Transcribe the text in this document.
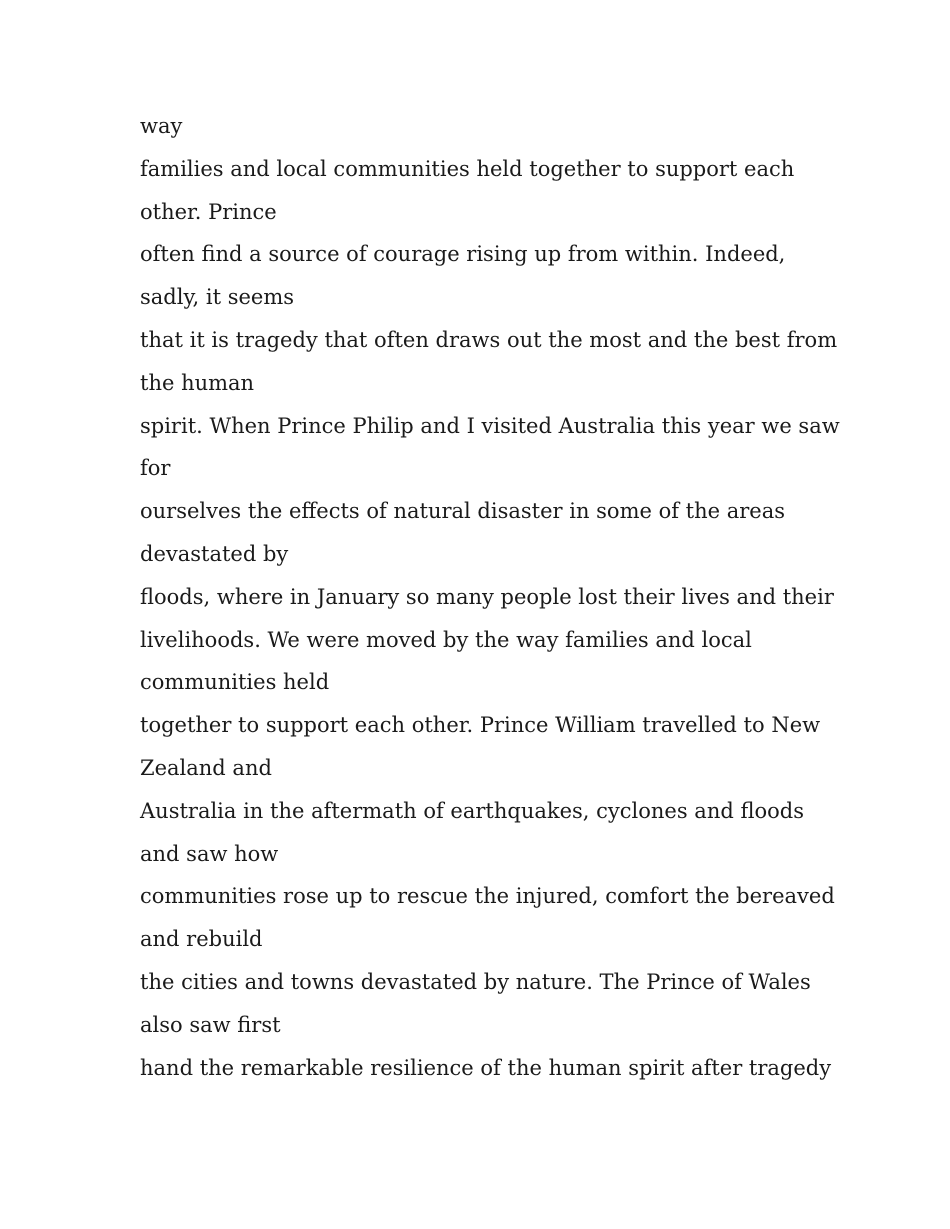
way
families and local communities held together to support each
other. Prince
often find a source of courage rising up from within. Indeed,
sadly, it seems
that it is tragedy that often draws out the most and the best from
the human
spirit. When Prince Philip and I visited Australia this year we saw
for
ourselves the effects of natural disaster in some of the areas
devastated by
floods, where in January so many people lost their lives and their
livelihoods. We were moved by the way families and local
communities held
together to support each other. Prince William travelled to New
Zealand and
Australia in the aftermath of earthquakes, cyclones and floods
and saw how
communities rose up to rescue the injured, comfort the bereaved
and rebuild
the cities and towns devastated by nature. The Prince of Wales
also saw first
hand the remarkable resilience of the human spirit after tragedy
